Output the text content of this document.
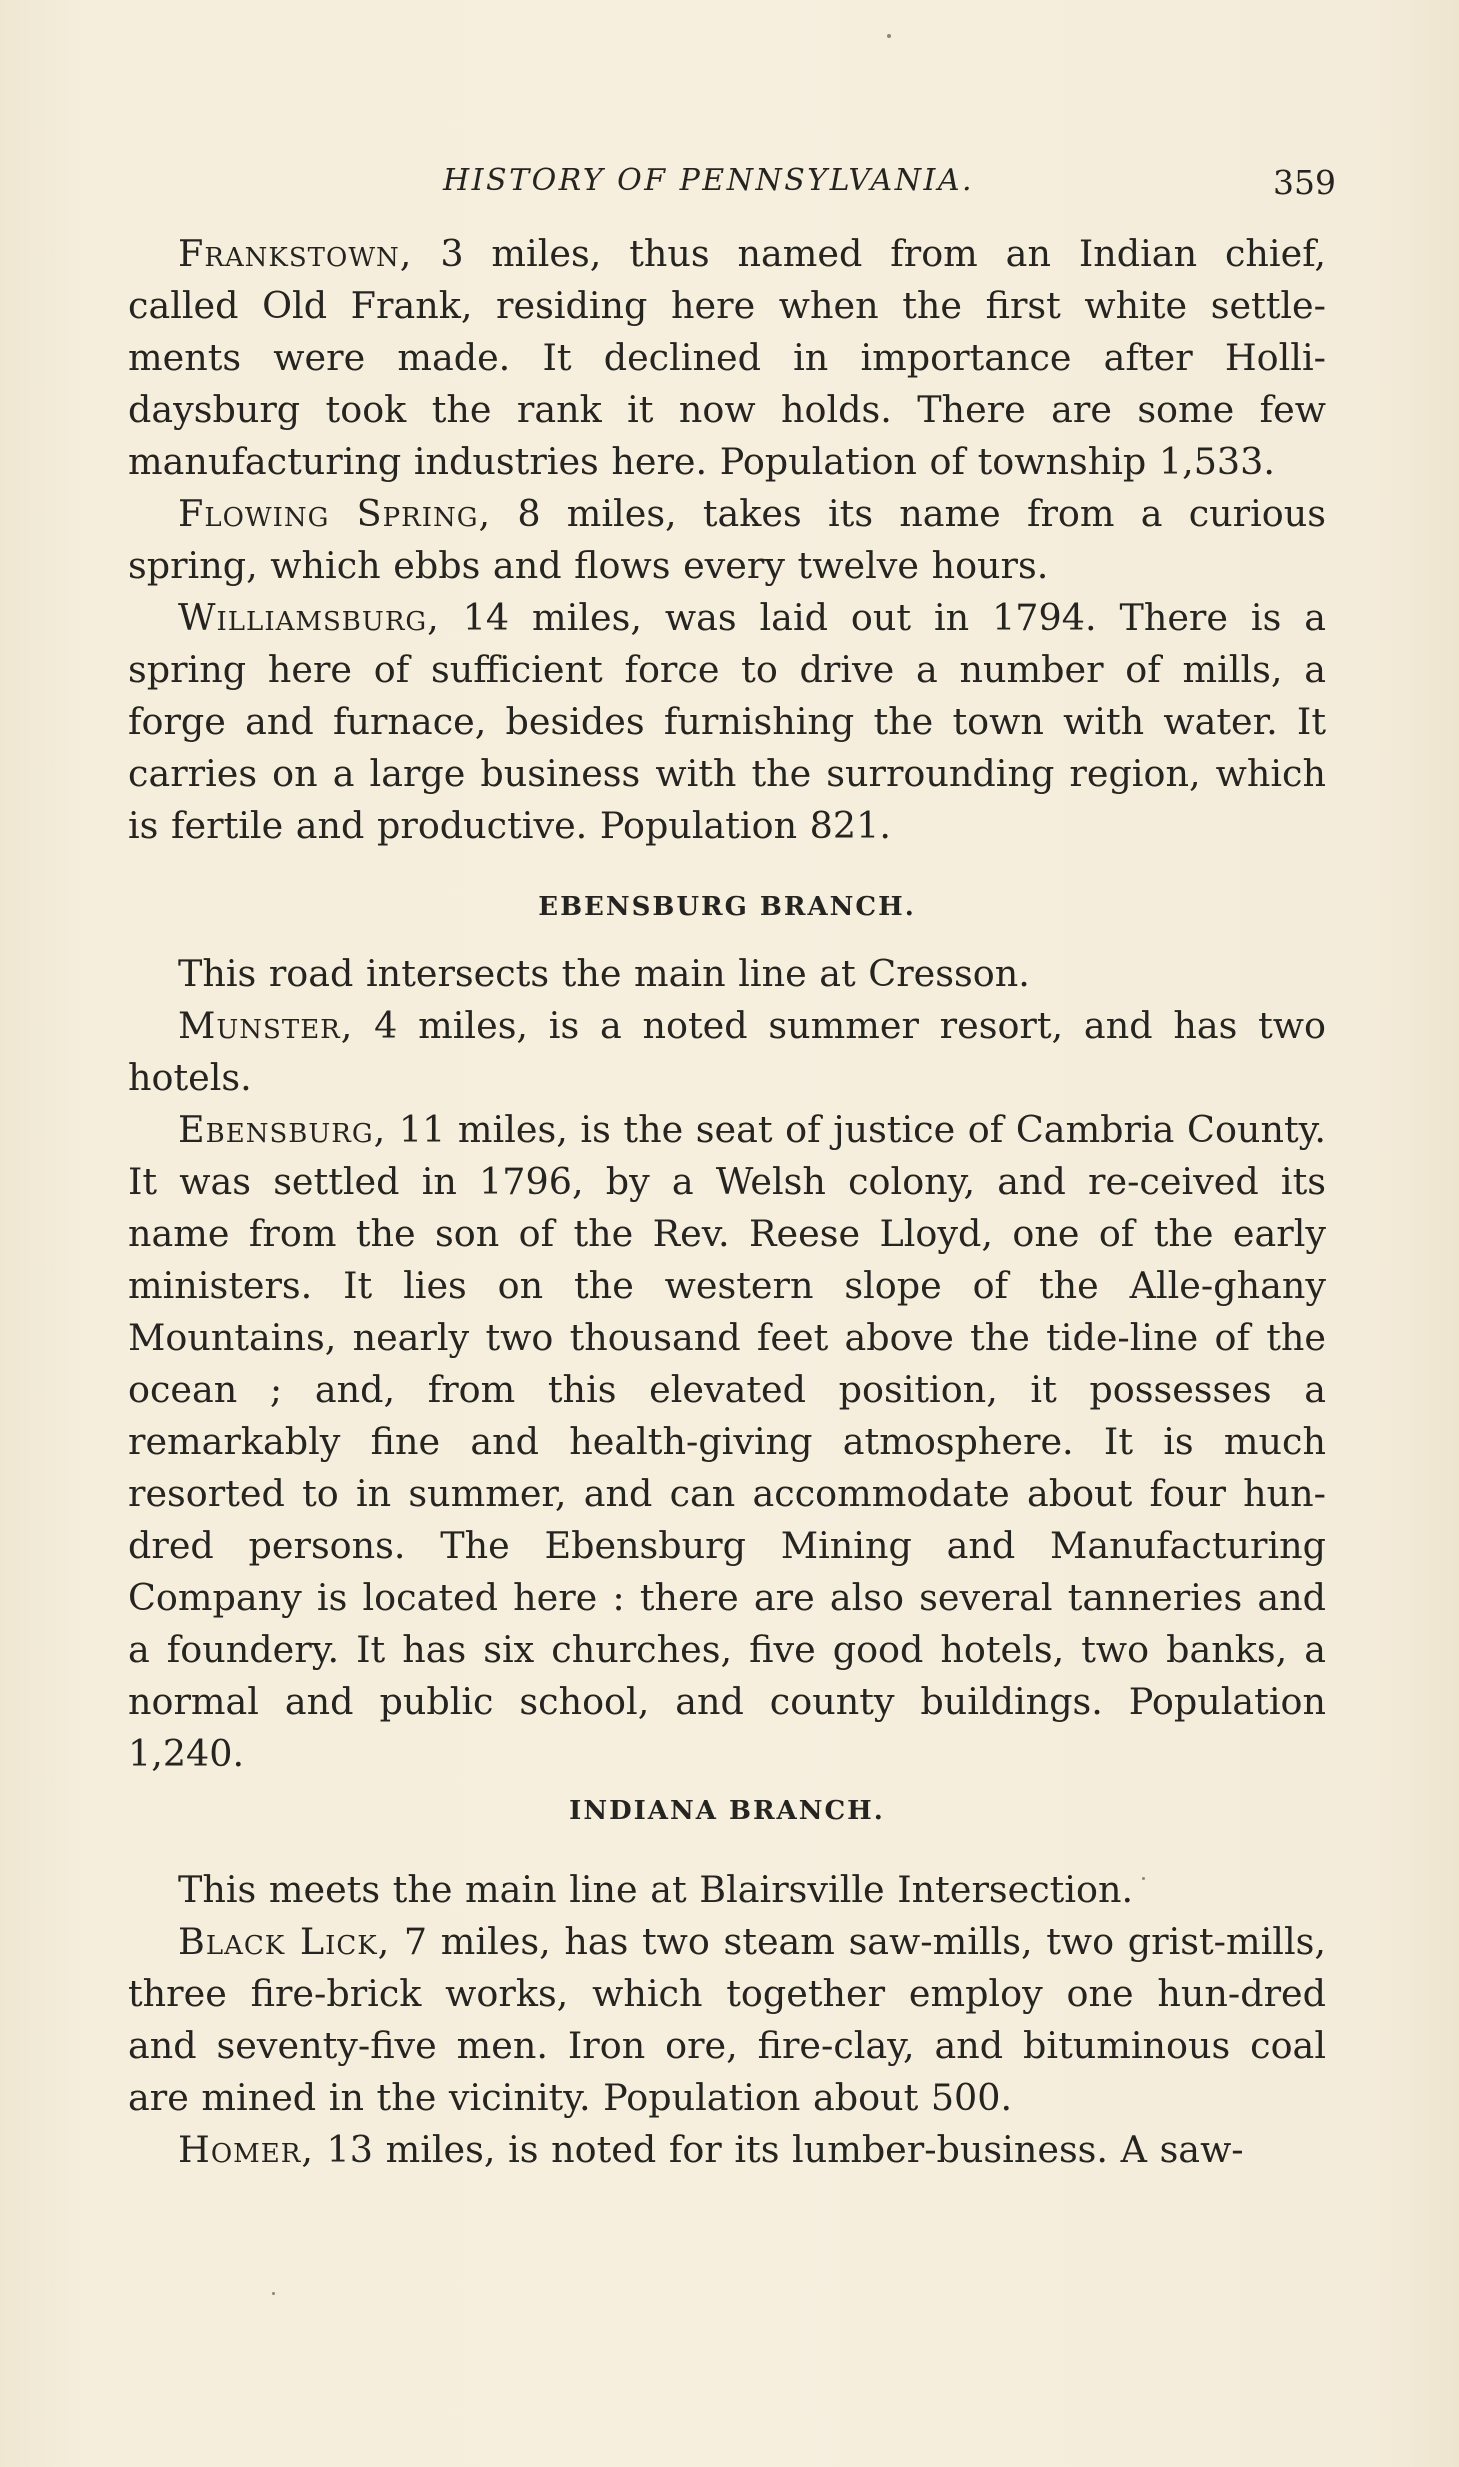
HISTORY OF PENNSYLVANIA.	359

Frankstown, 3 miles, thus named from an Indian chief, called Old Frank, residing here when the first white settle-ments were made. It declined in importance after Holli-daysburg took the rank it now holds. There are some few manufacturing industries here. Population of township 1,533.

Flowing Spring, 8 miles, takes its name from a curious spring, which ebbs and flows every twelve hours.

Williamsburg, 14 miles, was laid out in 1794. There is a spring here of sufficient force to drive a number of mills, a forge and furnace, besides furnishing the town with water. It carries on a large business with the surrounding region, which is fertile and productive. Population 821.

EBENSBURG BRANCH.

This road intersects the main line at Cresson.

Munster, 4 miles, is a noted summer resort, and has two hotels.

Ebensburg, 11 miles, is the seat of justice of Cambria County. It was settled in 1796, by a Welsh colony, and re-ceived its name from the son of the Rev. Reese Lloyd, one of the early ministers. It lies on the western slope of the Alle-ghany Mountains, nearly two thousand feet above the tide-line of the ocean ; and, from this elevated position, it possesses a remarkably fine and health-giving atmosphere. It is much resorted to in summer, and can accommodate about four hun-dred persons. The Ebensburg Mining and Manufacturing Company is located here : there are also several tanneries and a foundery. It has six churches, five good hotels, two banks, a normal and public school, and county buildings. Population 1,240.

INDIANA BRANCH.

This meets the main line at Blairsville Intersection.

Black Lick, 7 miles, has two steam saw-mills, two grist-mills, three fire-brick works, which together employ one hun-dred and seventy-five men. Iron ore, fire-clay, and bituminous coal are mined in the vicinity. Population about 500.

Homer, 13 miles, is noted for its lumber-business. A saw-
